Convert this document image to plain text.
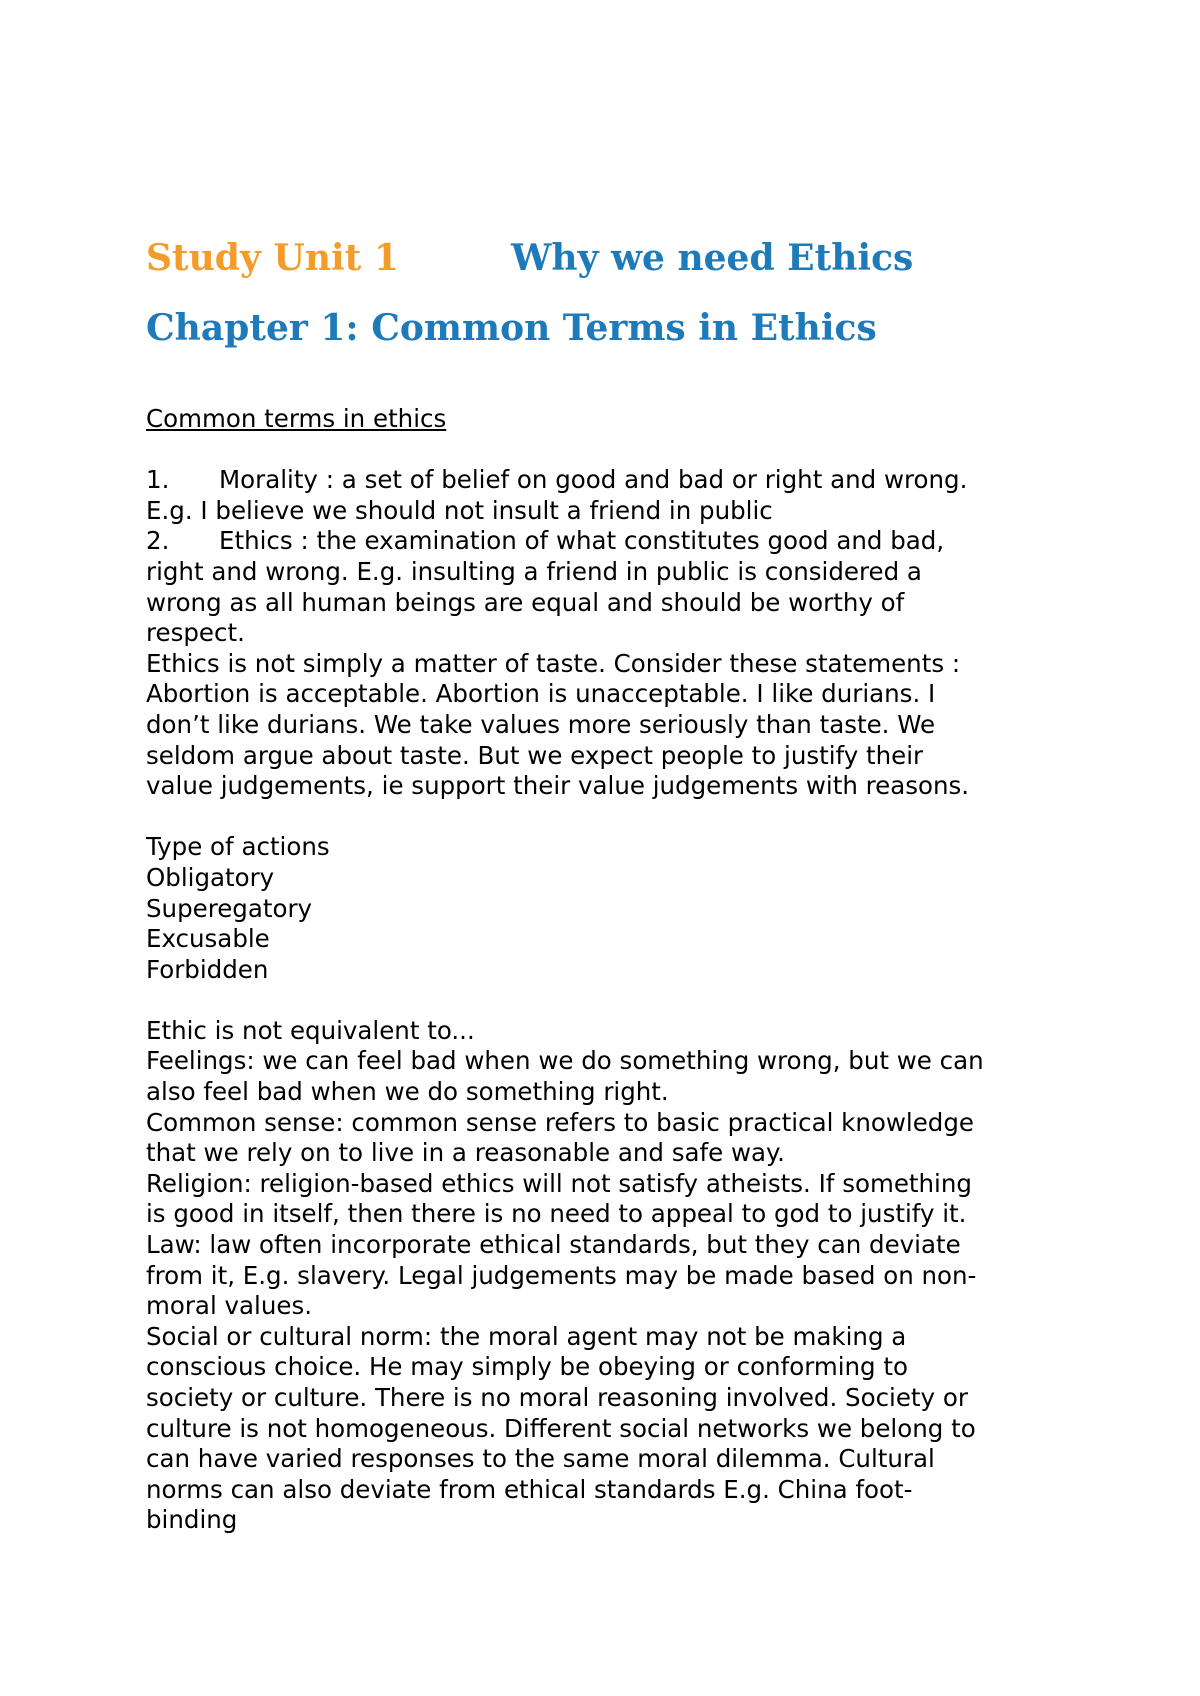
Study Unit 1	Why we need Ethics
Chapter 1: Common Terms in Ethics
Common terms in ethics
1. Morality : a set of belief on good and bad or right and wrong.
E.g. I believe we should not insult a friend in public
2. Ethics : the examination of what constitutes good and bad,
right and wrong. E.g. insulting a friend in public is considered a
wrong as all human beings are equal and should be worthy of
respect.
Ethics is not simply a matter of taste. Consider these statements :
Abortion is acceptable. Abortion is unacceptable. I like durians. I
don’t like durians. We take values more seriously than taste. We
seldom argue about taste. But we expect people to justify their
value judgements, ie support their value judgements with reasons.
Type of actions
Obligatory
Superegatory
Excusable
Forbidden
Ethic is not equivalent to...
Feelings: we can feel bad when we do something wrong, but we can
also feel bad when we do something right.
Common sense: common sense refers to basic practical knowledge
that we rely on to live in a reasonable and safe way.
Religion: religion-based ethics will not satisfy atheists. If something
is good in itself, then there is no need to appeal to god to justify it.
Law: law often incorporate ethical standards, but they can deviate
from it, E.g. slavery. Legal judgements may be made based on non-
moral values.
Social or cultural norm: the moral agent may not be making a
conscious choice. He may simply be obeying or conforming to
society or culture. There is no moral reasoning involved. Society or
culture is not homogeneous. Different social networks we belong to
can have varied responses to the same moral dilemma. Cultural
norms can also deviate from ethical standards E.g. China foot-
binding
